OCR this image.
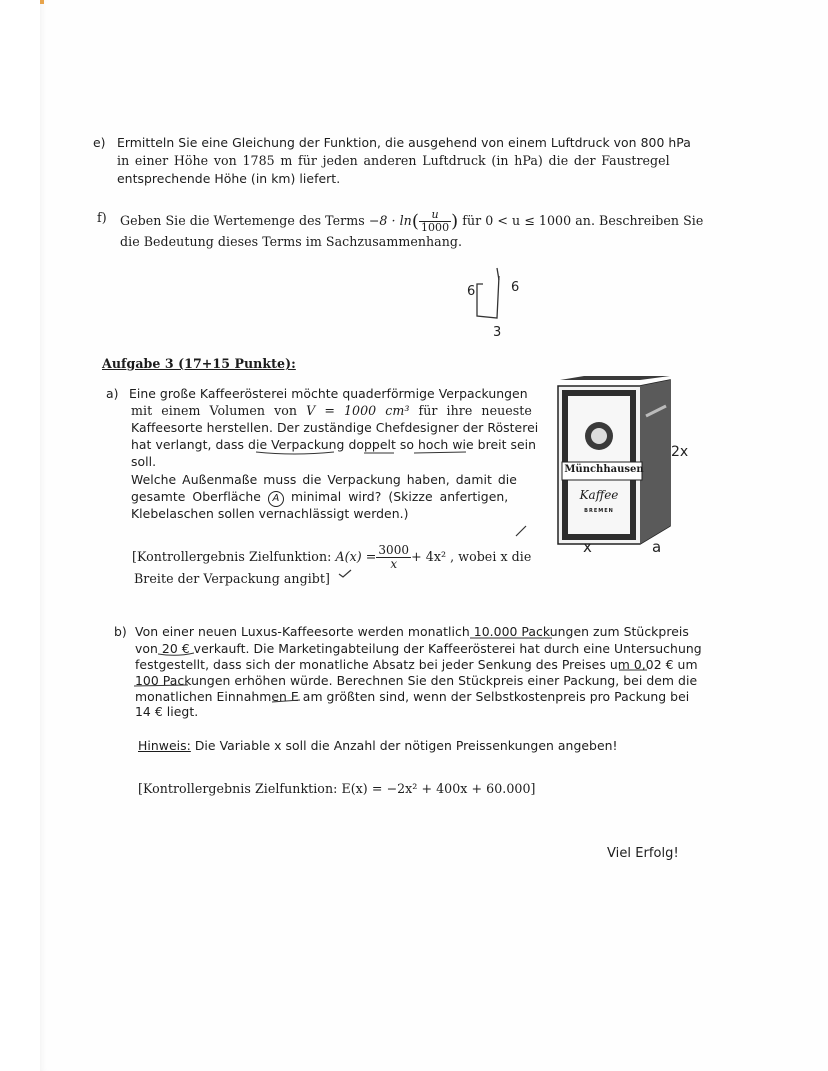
e) Ermitteln Sie eine Gleichung der Funktion, die ausgehend von einem Luftdruck von 800 hPa
in einer Höhe von 1785 m für jeden anderen Luftdruck (in hPa) die der Faustregel
entsprechende Höhe (in km) liefert.
f) Geben Sie die Wertemenge des Terms $-8 \cdot \ln( \frac{u}{1000}$ ) für 0 < u ≤ 1000 an. Beschreiben Sie
die Bedeutung dieses Terms im Sachzusammenhang.
6	6
3
Aufgabe 3 (17+15 Punkte):
a) Eine große Kaffeerösterei möchte quaderförmige Verpackungen
mit einem Volumen von V = 1000 cm³ für ihre neueste
Kaffeesorte herstellen. Der zuständige Chefdesigner der Rösterei
hat verlangt, dass die Verpackung doppelt so hoch wie breit sein
soll.
Welche Außenmaße muss die Verpackung haben, damit die
gesamte Oberfläche A minimal wird? (Skizze anfertigen,
Klebelaschen sollen vernachlässigt werden.)
[Kontrollergebnis Zielfunktion: $A(x) = \frac{3000}{x} + 4x^2$ , wobei x die
Breite der Verpackung angibt]
Münchhausen
Kaffee
BREMEN
2x
x	a
b) Von einer neuen Luxus-Kaffeesorte werden monatlich 10.000 Packungen zum Stückpreis
von 20 € verkauft. Die Marketingabteilung der Kaffeerösterei hat durch eine Untersuchung
festgestellt, dass sich der monatliche Absatz bei jeder Senkung des Preises um 0,02 € um
100 Packungen erhöhen würde. Berechnen Sie den Stückpreis einer Packung, bei dem die
monatlichen Einnahmen E am größten sind, wenn der Selbstkostenpreis pro Packung bei
14 € liegt.
Hinweis: Die Variable x soll die Anzahl der nötigen Preissenkungen angeben!
[Kontrollergebnis Zielfunktion: E(x) = −2x² + 400x + 60.000]
Viel Erfolg!
